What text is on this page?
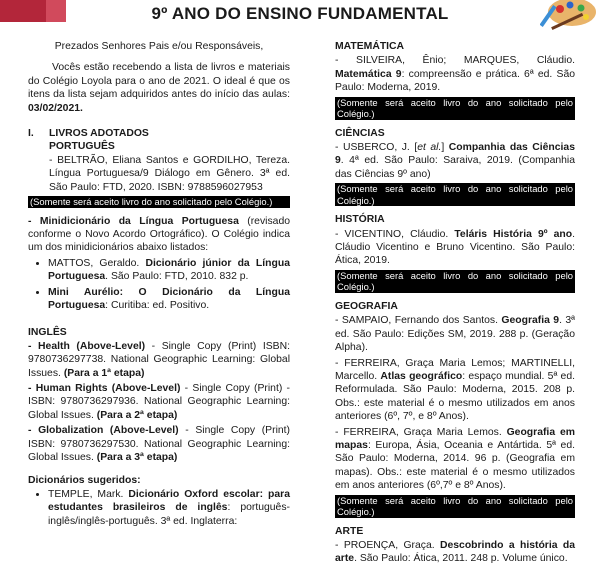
9º ANO DO ENSINO FUNDAMENTAL

Prezados Senhores Pais e/ou Responsáveis,

Vocês estão recebendo a lista de livros e materiais do Colégio Loyola para o ano de 2021. O ideal é que os itens da lista sejam adquiridos antes do início das aulas: 03/02/2021.

I.	LIVROS ADOTADOS
PORTUGUÊS

- BELTRÃO, Eliana Santos e GORDILHO, Tereza. Língua Portuguesa/9 Diálogo em Gênero. 3ª ed. São Paulo: FTD, 2020. ISBN: 9788596027953

(Somente será aceito livro do ano solicitado pelo Colégio.)

- Minidicionário da Língua Portuguesa (revisado conforme o Novo Acordo Ortográfico). O Colégio indica um dos minidicionários abaixo listados:

• MATTOS, Geraldo. Dicionário júnior da Língua Portuguesa. São Paulo: FTD, 2010. 832 p.
• Mini Aurélio: O Dicionário da Língua Portuguesa: Curitiba: ed. Positivo.
INGLÊS

- Health (Above-Level) - Single Copy (Print) ISBN: 9780736297738. National Geographic Learning: Global Issues. (Para a 1ª etapa)

- Human Rights (Above-Level) - Single Copy (Print) - ISBN: 9780736297936. National Geographic Learning: Global Issues. (Para a 2ª etapa)

- Globalization (Above-Level) - Single Copy (Print) ISBN: 9780736297530. National Geographic Learning: Global Issues. (Para a 3ª etapa)

Dicionários sugeridos:
• TEMPLE, Mark. Dicionário Oxford escolar: para estudantes brasileiros de inglês: português-inglês/inglês-português. 3ª ed. Inglaterra:
MATEMÁTICA

- SILVEIRA, Ênio; MARQUES, Cláudio. Matemática 9: compreensão e prática. 6ª ed. São Paulo: Moderna, 2019.

(Somente será aceito livro do ano solicitado pelo Colégio.)
CIÊNCIAS

- USBERCO, J. [et al.] Companhia das Ciências 9. 4ª ed. São Paulo: Saraiva, 2019. (Companhia das Ciências 9º ano)

(Somente será aceito livro do ano solicitado pelo Colégio.)
HISTÓRIA

- VICENTINO, Cláudio. Teláris História 9º ano. Cláudio Vicentino e Bruno Vicentino. São Paulo: Ática, 2019.

(Somente será aceito livro do ano solicitado pelo Colégio.)
GEOGRAFIA

- SAMPAIO, Fernando dos Santos. Geografia 9. 3ª ed. São Paulo: Edições SM, 2019. 288 p. (Geração Alpha).

- FERREIRA, Graça Maria Lemos; MARTINELLI, Marcello. Atlas geográfico: espaço mundial. 5ª ed. Reformulada. São Paulo: Moderna, 2015. 208 p. Obs.: este material é o mesmo utilizados em anos anteriores (6º, 7º, e 8º Anos).

- FERREIRA, Graça Maria Lemos. Geografia em mapas: Europa, Ásia, Oceania e Antártida. 5ª ed. São Paulo: Moderna, 2014. 96 p. (Geografia em mapas). Obs.: este material é o mesmo utilizados em anos anteriores (6º,7º e 8º Anos).

(Somente será aceito livro do ano solicitado pelo Colégio.)
ARTE

- PROENÇA, Graça. Descobrindo a história da arte. São Paulo: Ática, 2011. 248 p. Volume único.
